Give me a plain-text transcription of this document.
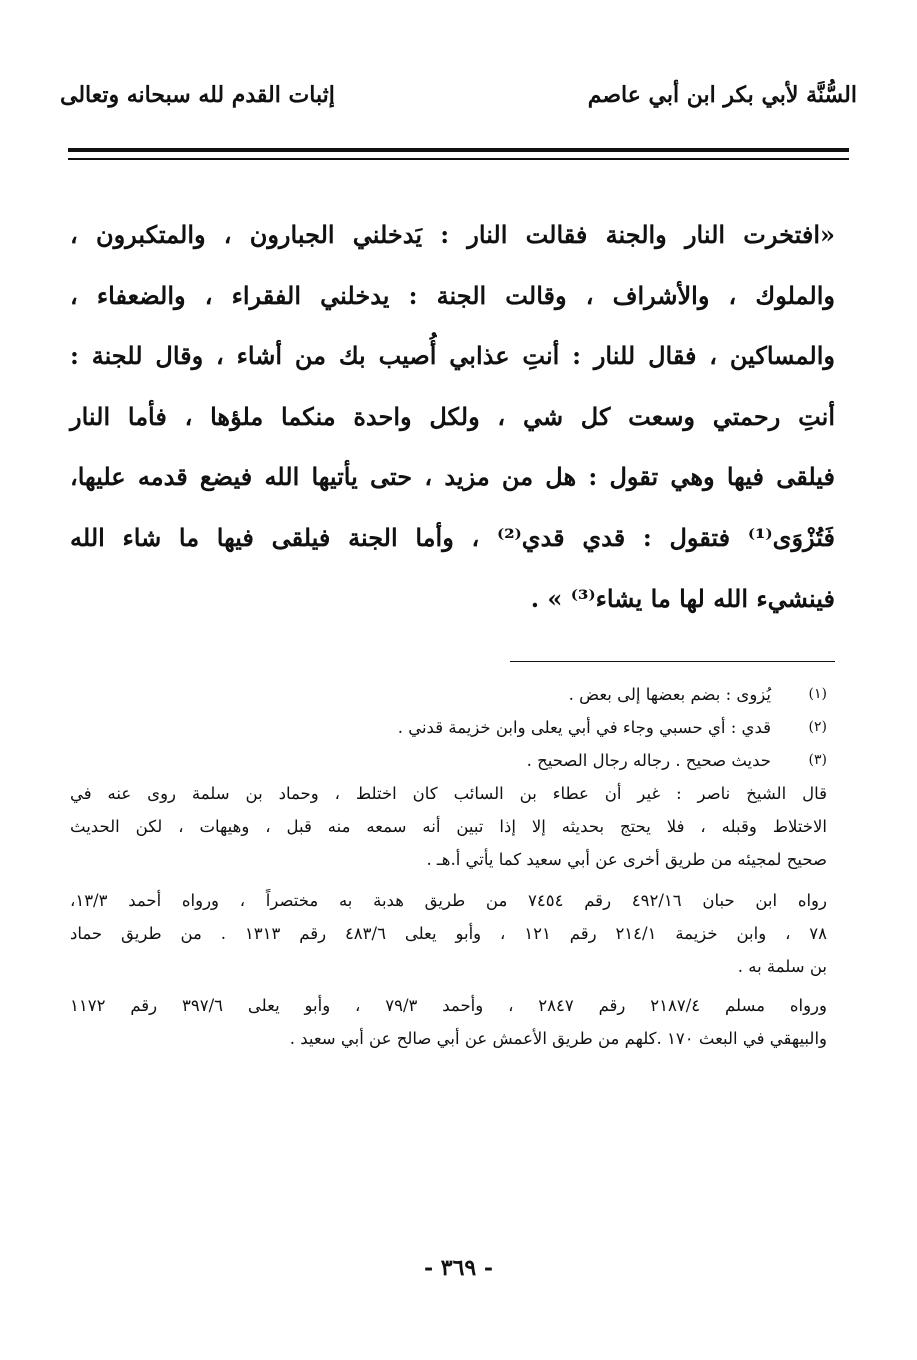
السُّنَّة لأبي بكر ابن أبي عاصم
إثبات القدم لله سبحانه وتعالى
«افتخرت النار والجنة فقالت النار : يَدخلني الجبارون ، والمتكبرون ،
والملوك ، والأشراف ، وقالت الجنة : يدخلني الفقراء ، والضعفاء ،
والمساكين ، فقال للنار : أنتِ عذابي أُصيب بك من أشاء ، وقال للجنة :
أنتِ رحمتي وسعت كل شي ، ولكل واحدة منكما ملؤها ، فأما النار
فيلقى فيها وهي تقول : هل من مزيد ، حتى يأتيها الله فيضع قدمه عليها،
فَتُزْوَى⁽¹⁾ فتقول : قدي قدي⁽²⁾ ، وأما الجنة فيلقى فيها ما شاء الله
فينشيء الله لها ما يشاء⁽³⁾ » .
(١)
يُزوى : بضم بعضها إلى بعض .
(٢)
قدي : أي حسبي وجاء في أبي يعلى وابن خزيمة قدني .
(٣)
حديث صحيح . رجاله رجال الصحيح .
قال الشيخ ناصر : غير أن عطاء بن السائب كان اختلط ، وحماد بن سلمة روى عنه في
الاختلاط وقبله ، فلا يحتج بحديثه إلا إذا تبين أنه سمعه منه قبل ، وهيهات ، لكن الحديث
صحيح لمجيئه من طريق أخرى عن أبي سعيد كما يأتي أ.هـ .
رواه ابن حبان ٤٩٢/١٦ رقم ٧٤٥٤ من طريق هدبة به مختصراً ، ورواه أحمد ١٣/٣،
٧٨ ، وابن خزيمة ٢١٤/١ رقم ١٢١ ، وأبو يعلى ٤٨٣/٦ رقم ١٣١٣ . من طريق حماد
بن سلمة به .
ورواه مسلم ٢١٨٧/٤ رقم ٢٨٤٧ ، وأحمد ٧٩/٣ ، وأبو يعلى ٣٩٧/٦ رقم ١١٧٢
والبيهقي في البعث ١٧٠ .كلهم من طريق الأعمش عن أبي صالح عن أبي سعيد .
- ٣٦٩ -
